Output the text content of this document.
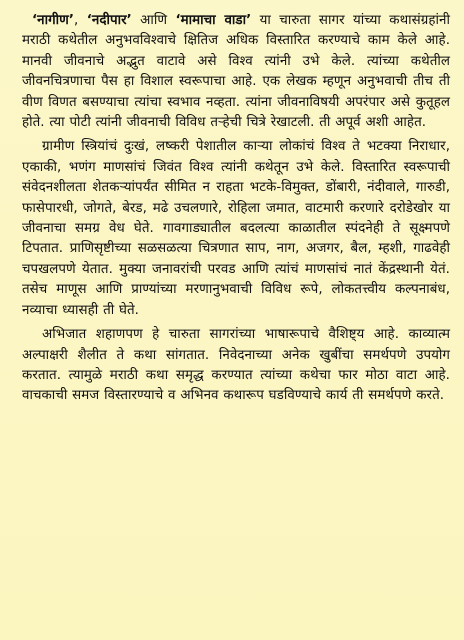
‘नागीण’, ‘नदीपार’ आणि ‘मामाचा वाडा’ या चारुता सागर यांच्या कथासंग्रहांनी मराठी कथेतील अनुभवविश्वाचे क्षितिज अधिक विस्तारित करण्याचे काम केले आहे. मानवी जीवनाचे अद्भुत वाटावे असे विश्व त्यांनी उभे केले. त्यांच्या कथेतील जीवनचित्रणाचा पैस हा विशाल स्वरूपाचा आहे. एक लेखक म्हणून अनुभवाची तीच ती वीण विणत बसण्याचा त्यांचा स्वभाव नव्हता. त्यांना जीवनाविषयी अपरंपार असे कुतूहल होते. त्या पोटी त्यांनी जीवनाची विविध तऱ्हेची चित्रे रेखाटली. ती अपूर्व अशी आहेत.

ग्रामीण स्त्रियांचं दुःखं, लष्करी पेशातील काऱ्या लोकांचं विश्‍व ते भटक्या निराधार, एकाकी, भणंग माणसांचं जिवंत विश्व त्यांनी कथेतून उभे केले. विस्तारित स्वरूपाची संवेदनशीलता शेतकऱ्यांपर्यंत सीमित न राहता भटके-विमुक्त, डोंबारी, नंदीवाले, गारुडी, फासेपारधी, जोगते, बेरड, मढे उचलणारे, रोहिला जमात, वाटमारी करणारे दरोडेखोर या जीवनाचा समग्र वेध घेते. गावगाड्यातील बदलत्या काळातील स्पंदनेही ते सूक्ष्मपणे टिपतात. प्राणिसृष्टीच्या सळसळत्या चित्रणात साप, नाग, अजगर, बैल, म्हशी, गाढवेही चपखलपणे येतात. मुक्या जनावरांची परवड आणि त्यांचं माणसांचं नातं केंद्रस्थानी येतं. तसेच माणूस आणि प्राण्यांच्या मरणानुभवाची विविध रूपे, लोकतत्त्वीय कल्पनाबंध, नव्याचा ध्यासही ती घेते.

अभिजात शहाणपण हे चारुता सागरांच्या भाषारूपाचे वैशिष्ट्य आहे. काव्यात्म अल्पाक्षरी शैलीत ते कथा सांगतात. निवेदनाच्या अनेक खुबींचा समर्थपणे उपयोग करतात. त्यामुळे मराठी कथा समृद्ध करण्यात त्यांच्या कथेचा फार मोठा वाटा आहे. वाचकाची समज विस्तारण्याचे व अभिनव कथारूप घडविण्याचे कार्य ती समर्थपणे करते.
